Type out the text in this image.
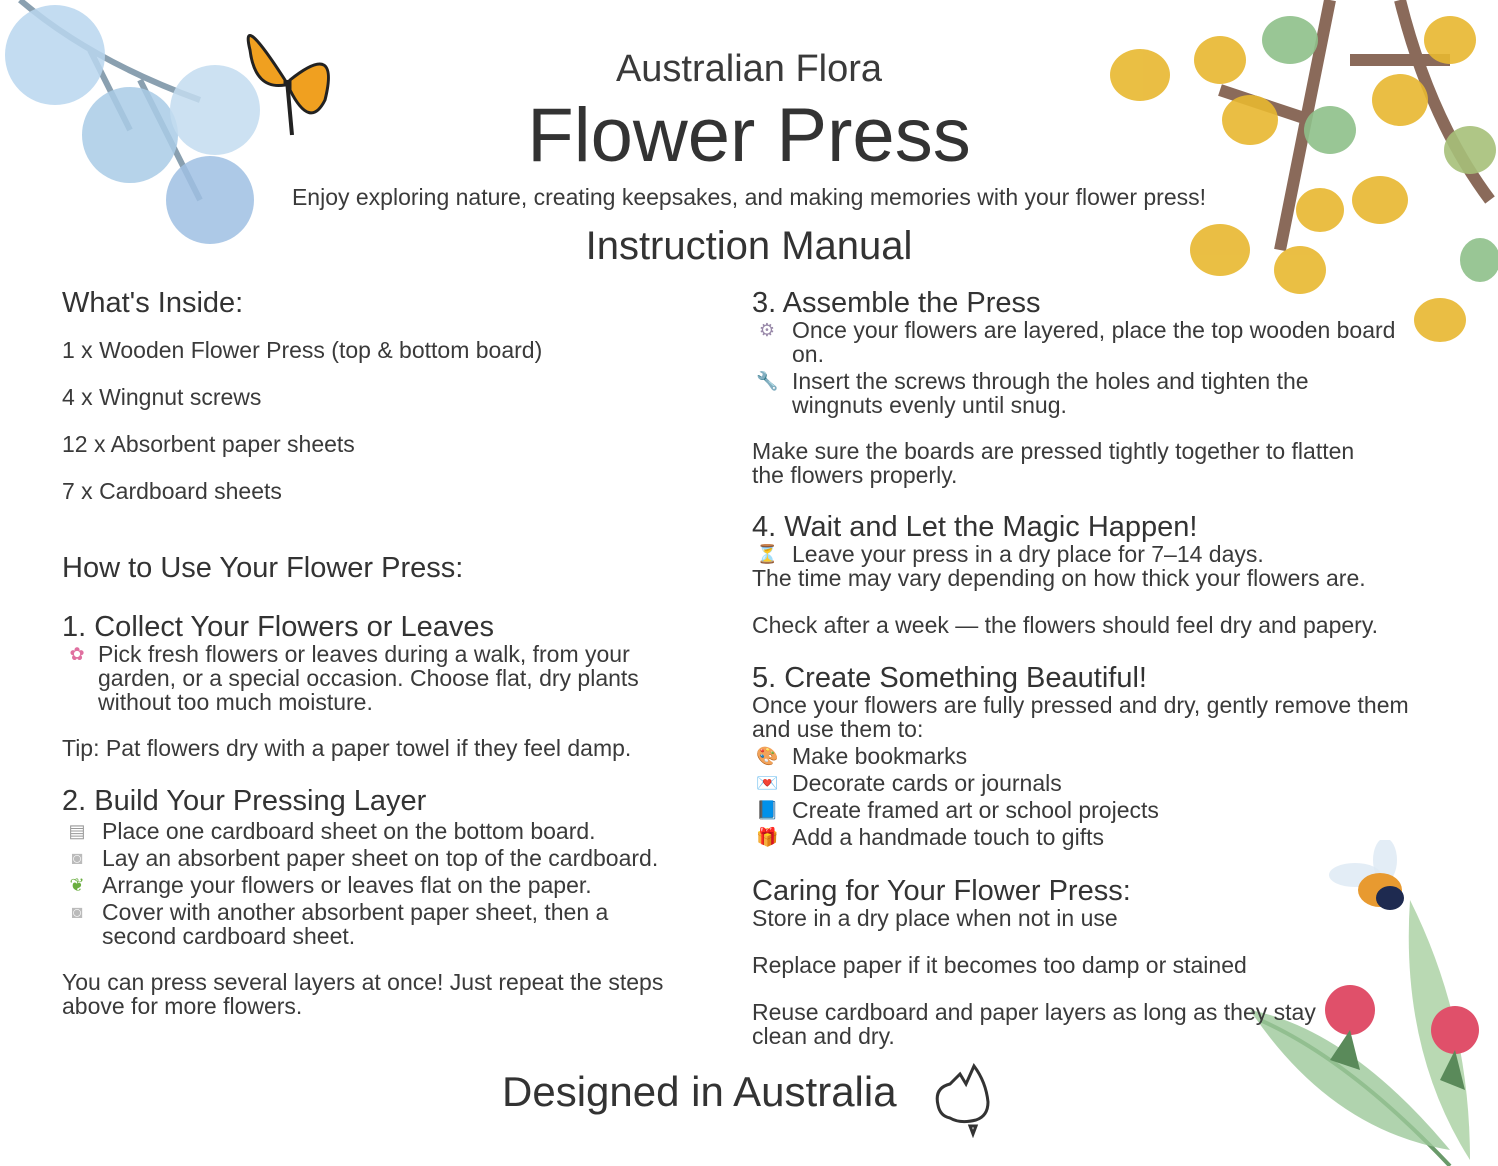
Australian Flora
Flower Press
Enjoy exploring nature, creating keepsakes, and making memories with your flower press!
Instruction Manual
What's Inside:
1 x Wooden Flower Press (top & bottom board)
4 x Wingnut screws
12 x Absorbent paper sheets
7 x Cardboard sheets
How to Use Your Flower Press:
1. Collect Your Flowers or Leaves
✿ Pick fresh flowers or leaves during a walk, from your garden, or a special occasion. Choose flat, dry plants without too much moisture.
Tip: Pat flowers dry with a paper towel if they feel damp.
2. Build Your Pressing Layer
▤ Place one cardboard sheet on the bottom board.
◙ Lay an absorbent paper sheet on top of the cardboard.
❦ Arrange your flowers or leaves flat on the paper.
◙ Cover with another absorbent paper sheet, then a second cardboard sheet.
You can press several layers at once! Just repeat the steps above for more flowers.
3. Assemble the Press
⚙ Once your flowers are layered, place the top wooden board on.
🔧 Insert the screws through the holes and tighten the wingnuts evenly until snug.
Make sure the boards are pressed tightly together to flatten the flowers properly.
4. Wait and Let the Magic Happen!
⏳ Leave your press in a dry place for 7–14 days.
The time may vary depending on how thick your flowers are.
Check after a week — the flowers should feel dry and papery.
5. Create Something Beautiful!
Once your flowers are fully pressed and dry, gently remove them and use them to:
🎨 Make bookmarks
💌 Decorate cards or journals
📘 Create framed art or school projects
🎁 Add a handmade touch to gifts
Caring for Your Flower Press:
Store in a dry place when not in use
Replace paper if it becomes too damp or stained
Reuse cardboard and paper layers as long as they stay clean and dry.
Designed in Australia
